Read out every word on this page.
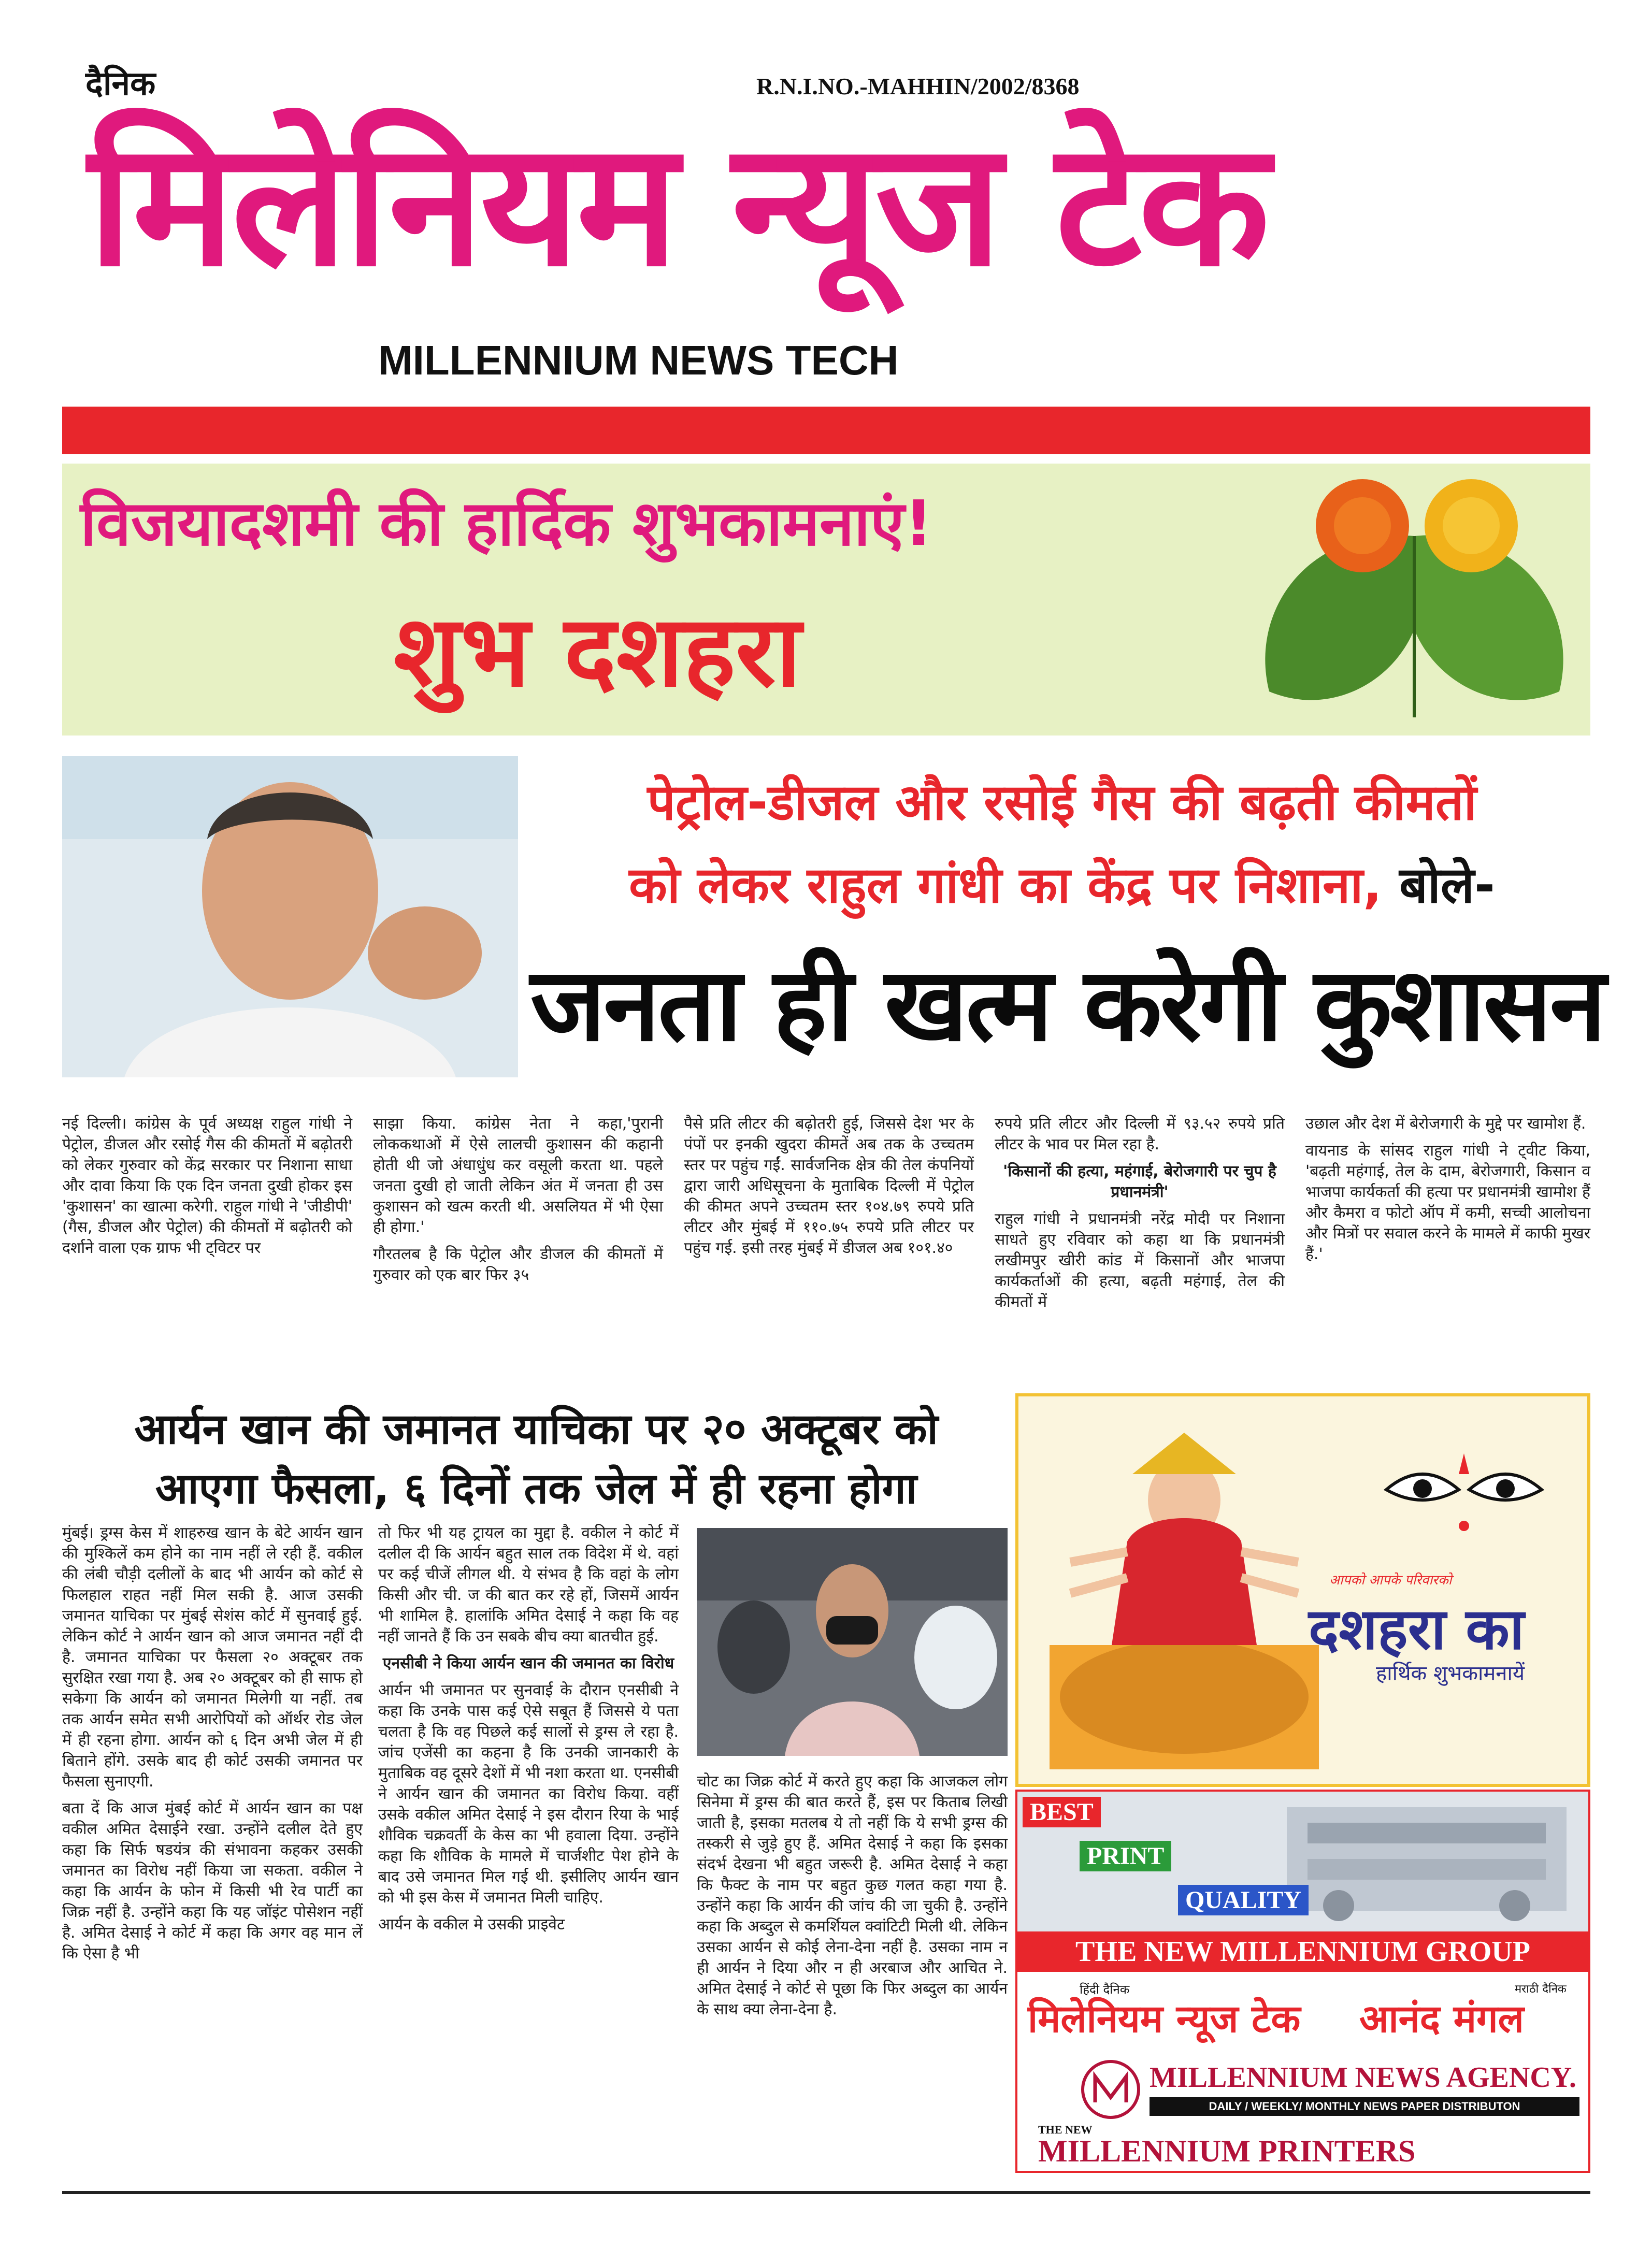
दैनिक	R.N.I.NO.-MAHHIN/2002/8368
मिलेनियम न्यूज टेक
MILLENNIUM NEWS TECH

विजयादशमी की हार्दिक शुभकामनाएं!
शुभ दशहरा
पेट्रोल-डीजल और रसोई गैस की बढ़ती कीमतों
को लेकर राहुल गांधी का केंद्र पर निशाना, बोले-
जनता ही खत्म करेगी कुशासन

नई दिल्ली। कांग्रेस के पूर्व अध्यक्ष राहुल गांधी ने पेट्रोल, डीजल और रसोई गैस की कीमतों में बढ़ोतरी को लेकर गुरुवार को केंद्र सरकार पर निशाना साधा और दावा किया कि एक दिन जनता दुखी होकर इस 'कुशासन' का खात्मा करेगी. राहुल गांधी ने 'जीडीपी' (गैस, डीजल और पेट्रोल) की कीमतों में बढ़ोतरी को दर्शाने वाला एक ग्राफ भी ट्विटर पर

साझा किया. कांग्रेस नेता ने कहा,'पुरानी लोककथाओं में ऐसे लालची कुशासन की कहानी होती थी जो अंधाधुंध कर वसूली करता था. पहले जनता दुखी हो जाती लेकिन अंत में जनता ही उस कुशासन को खत्म करती थी. असलियत में भी ऐसा ही होगा.'

गौरतलब है कि पेट्रोल और डीजल की कीमतों में गुरुवार को एक बार फिर ३५

पैसे प्रति लीटर की बढ़ोतरी हुई, जिससे देश भर के पंपों पर इनकी खुदरा कीमतें अब तक के उच्चतम स्तर पर पहुंच गईं. सार्वजनिक क्षेत्र की तेल कंपनियों द्वारा जारी अधिसूचना के मुताबिक दिल्ली में पेट्रोल की कीमत अपने उच्चतम स्तर १०४.७९ रुपये प्रति लीटर और मुंबई में ११०.७५ रुपये प्रति लीटर पर पहुंच गई. इसी तरह मुंबई में डीजल अब १०१.४०

रुपये प्रति लीटर और दिल्ली में ९३.५२ रुपये प्रति लीटर के भाव पर मिल रहा है.

'किसानों की हत्या, महंगाई, बेरोजगारी पर चुप है प्रधानमंत्री'

राहुल गांधी ने प्रधानमंत्री नरेंद्र मोदी पर निशाना साधते हुए रविवार को कहा था कि प्रधानमंत्री लखीमपुर खीरी कांड में किसानों और भाजपा कार्यकर्ताओं की हत्या, बढ़ती महंगाई, तेल की कीमतों में

उछाल और देश में बेरोजगारी के मुद्दे पर खामोश हैं.

वायनाड के सांसद राहुल गांधी ने ट्वीट किया, 'बढ़ती महंगाई, तेल के दाम, बेरोजगारी, किसान व भाजपा कार्यकर्ता की हत्या पर प्रधानमंत्री खामोश हैं और कैमरा व फोटो ऑप में कमी, सच्ची आलोचना और मित्रों पर सवाल करने के मामले में काफी मुखर हैं.'

आर्यन खान की जमानत याचिका पर २० अक्टूबर को
आएगा फैसला, ६ दिनों तक जेल में ही रहना होगा

मुंबई। ड्रग्स केस में शाहरुख खान के बेटे आर्यन खान की मुश्किलें कम होने का नाम नहीं ले रही हैं. वकील की लंबी चौड़ी दलीलों के बाद भी आर्यन को कोर्ट से फिलहाल राहत नहीं मिल सकी है. आज उसकी जमानत याचिका पर मुंबई सेशंस कोर्ट में सुनवाई हुई. लेकिन कोर्ट ने आर्यन खान को आज जमानत नहीं दी है. जमानत याचिका पर फैसला २० अक्टूबर तक सुरक्षित रखा गया है. अब २० अक्टूबर को ही साफ हो सकेगा कि आर्यन को जमानत मिलेगी या नहीं. तब तक आर्यन समेत सभी आरोपियों को ऑर्थर रोड जेल में ही रहना होगा. आर्यन को ६ दिन अभी जेल में ही बिताने होंगे. उसके बाद ही कोर्ट उसकी जमानत पर फैसला सुनाएगी.

बता दें कि आज मुंबई कोर्ट में आर्यन खान का पक्ष वकील अमित देसाईने रखा. उन्होंने दलील देते हुए कहा कि सिर्फ षडयंत्र की संभावना कहकर उसकी जमानत का विरोध नहीं किया जा सकता. वकील ने कहा कि आर्यन के फोन में किसी भी रेव पार्टी का जिक्र नहीं है. उन्होंने कहा कि यह जॉइंट पोसेशन नहीं है. अमित देसाई ने कोर्ट में कहा कि अगर वह मान लें कि ऐसा है भी

तो फिर भी यह ट्रायल का मुद्दा है. वकील ने कोर्ट में दलील दी कि आर्यन बहुत साल तक विदेश में थे. वहां पर कई चीजें लीगल थी. ये संभव है कि वहां के लोग किसी और ची. ज की बात कर रहे हों, जिसमें आर्यन भी शामिल है. हालांकि अमित देसाई ने कहा कि वह नहीं जानते हैं कि उन सबके बीच क्या बातचीत हुई.

एनसीबी ने किया आर्यन खान की जमानत का विरोध

आर्यन भी जमानत पर सुनवाई के दौरान एनसीबी ने कहा कि उनके पास कई ऐसे सबूत हैं जिससे ये पता चलता है कि वह पिछले कई सालों से ड्रग्स ले रहा है. जांच एजेंसी का कहना है कि उनकी जानकारी के मुताबिक वह दूसरे देशों में भी नशा करता था. एनसीबी ने आर्यन खान की जमानत का विरोध किया. वहीं उसके वकील अमित देसाई ने इस दौरान रिया के भाई शौविक चक्रवर्ती के केस का भी हवाला दिया. उन्होंने कहा कि शौविक के मामले में चार्जशीट पेश होने के बाद उसे जमानत मिल गई थी. इसीलिए आर्यन खान को भी इस केस में जमानत मिली चाहिए.

आर्यन के वकील मे उसकी प्राइवेट

चोट का जिक्र कोर्ट में करते हुए कहा कि आजकल लोग सिनेमा में ड्रग्स की बात करते हैं, इस पर किताब लिखी जाती है, इसका मतलब ये तो नहीं कि ये सभी ड्रग्स की तस्करी से जुड़े हुए हैं. अमित देसाई ने कहा कि इसका संदर्भ देखना भी बहुत जरूरी है. अमित देसाई ने कहा कि फैक्ट के नाम पर बहुत कुछ गलत कहा गया है. उन्होंने कहा कि आर्यन की जांच की जा चुकी है. उन्होंने कहा कि अब्दुल से कमर्शियल क्वांटिटी मिली थी. लेकिन उसका आर्यन से कोई लेना-देना नहीं है. उसका नाम न ही आर्यन ने दिया और न ही अरबाज और आचित ने. अमित देसाई ने कोर्ट से पूछा कि फिर अब्दुल का आर्यन के साथ क्या लेना-देना है.

आपको आपके परिवारको
दशहरा का
हार्थिक शुभकामनायें
BEST
PRINT
QUALITY
THE NEW MILLENNIUM GROUP
हिंदी दैनिक
मिलेनियम न्यूज टेक
मराठी दैनिक
आनंद मंगल
MILLENNIUM NEWS AGENCY.
DAILY / WEEKLY/ MONTHLY NEWS PAPER DISTRIBUTON
THE NEW
MILLENNIUM PRINTERS
